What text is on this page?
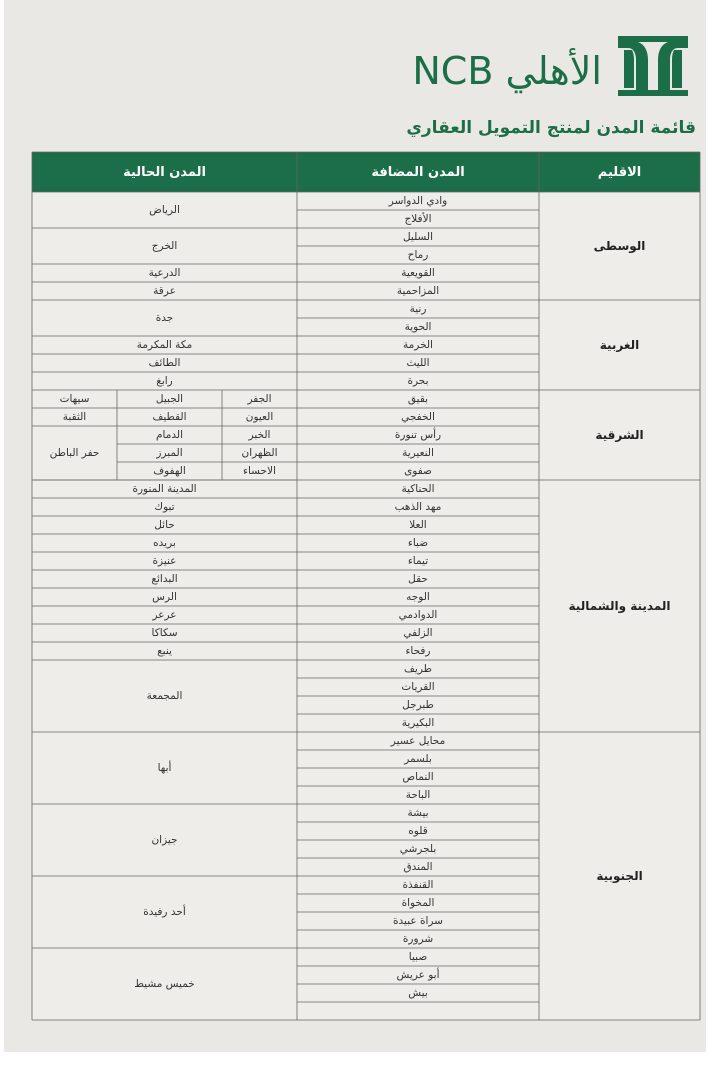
الأهلي NCB
قائمة المدن لمنتج التمويل العقاري
الاقليم
المدن المضافة
المدن الحالية
الوسطى
الغربية
الشرقية
المدينة والشمالية
الجنوبية
وادي الدواسر
الأفلاج
السليل
رماح
القويعية
المزاحمية
رنية
الحوية
الخرمة
الليث
بحرة
بقيق
الخفجي
رأس تنورة
النعيرية
صفوى
الحناكية
مهد الذهب
العلا
ضباء
تيماء
حقل
الوجه
الدوادمي
الزلفي
رفحاء
طريف
القريات
طبرجل
البكيرية
محايل عسير
بلسمر
النماص
الباحة
بيشة
قلوه
بلجرشي
المندق
القنفذة
المخواة
سراة عبيدة
شرورة
صبيا
أبو عريش
بيش
الرياض
الخرج
الدرعية
عرقة
جدة
مكة المكرمة
الطائف
رابغ
المدينة المنورة
تبوك
حائل
بريده
عنيزة
البدائع
الرس
عرعر
سكاكا
ينبع
المجمعة
أبها
جيزان
أحد رفيدة
خميس مشيط
الجفر
الجبيل
العيون
القطيف
الخبر
الدمام
الظهران
المبرز
الاحساء
الهفوف
سيهات
الثقبة
حفر الباطن
